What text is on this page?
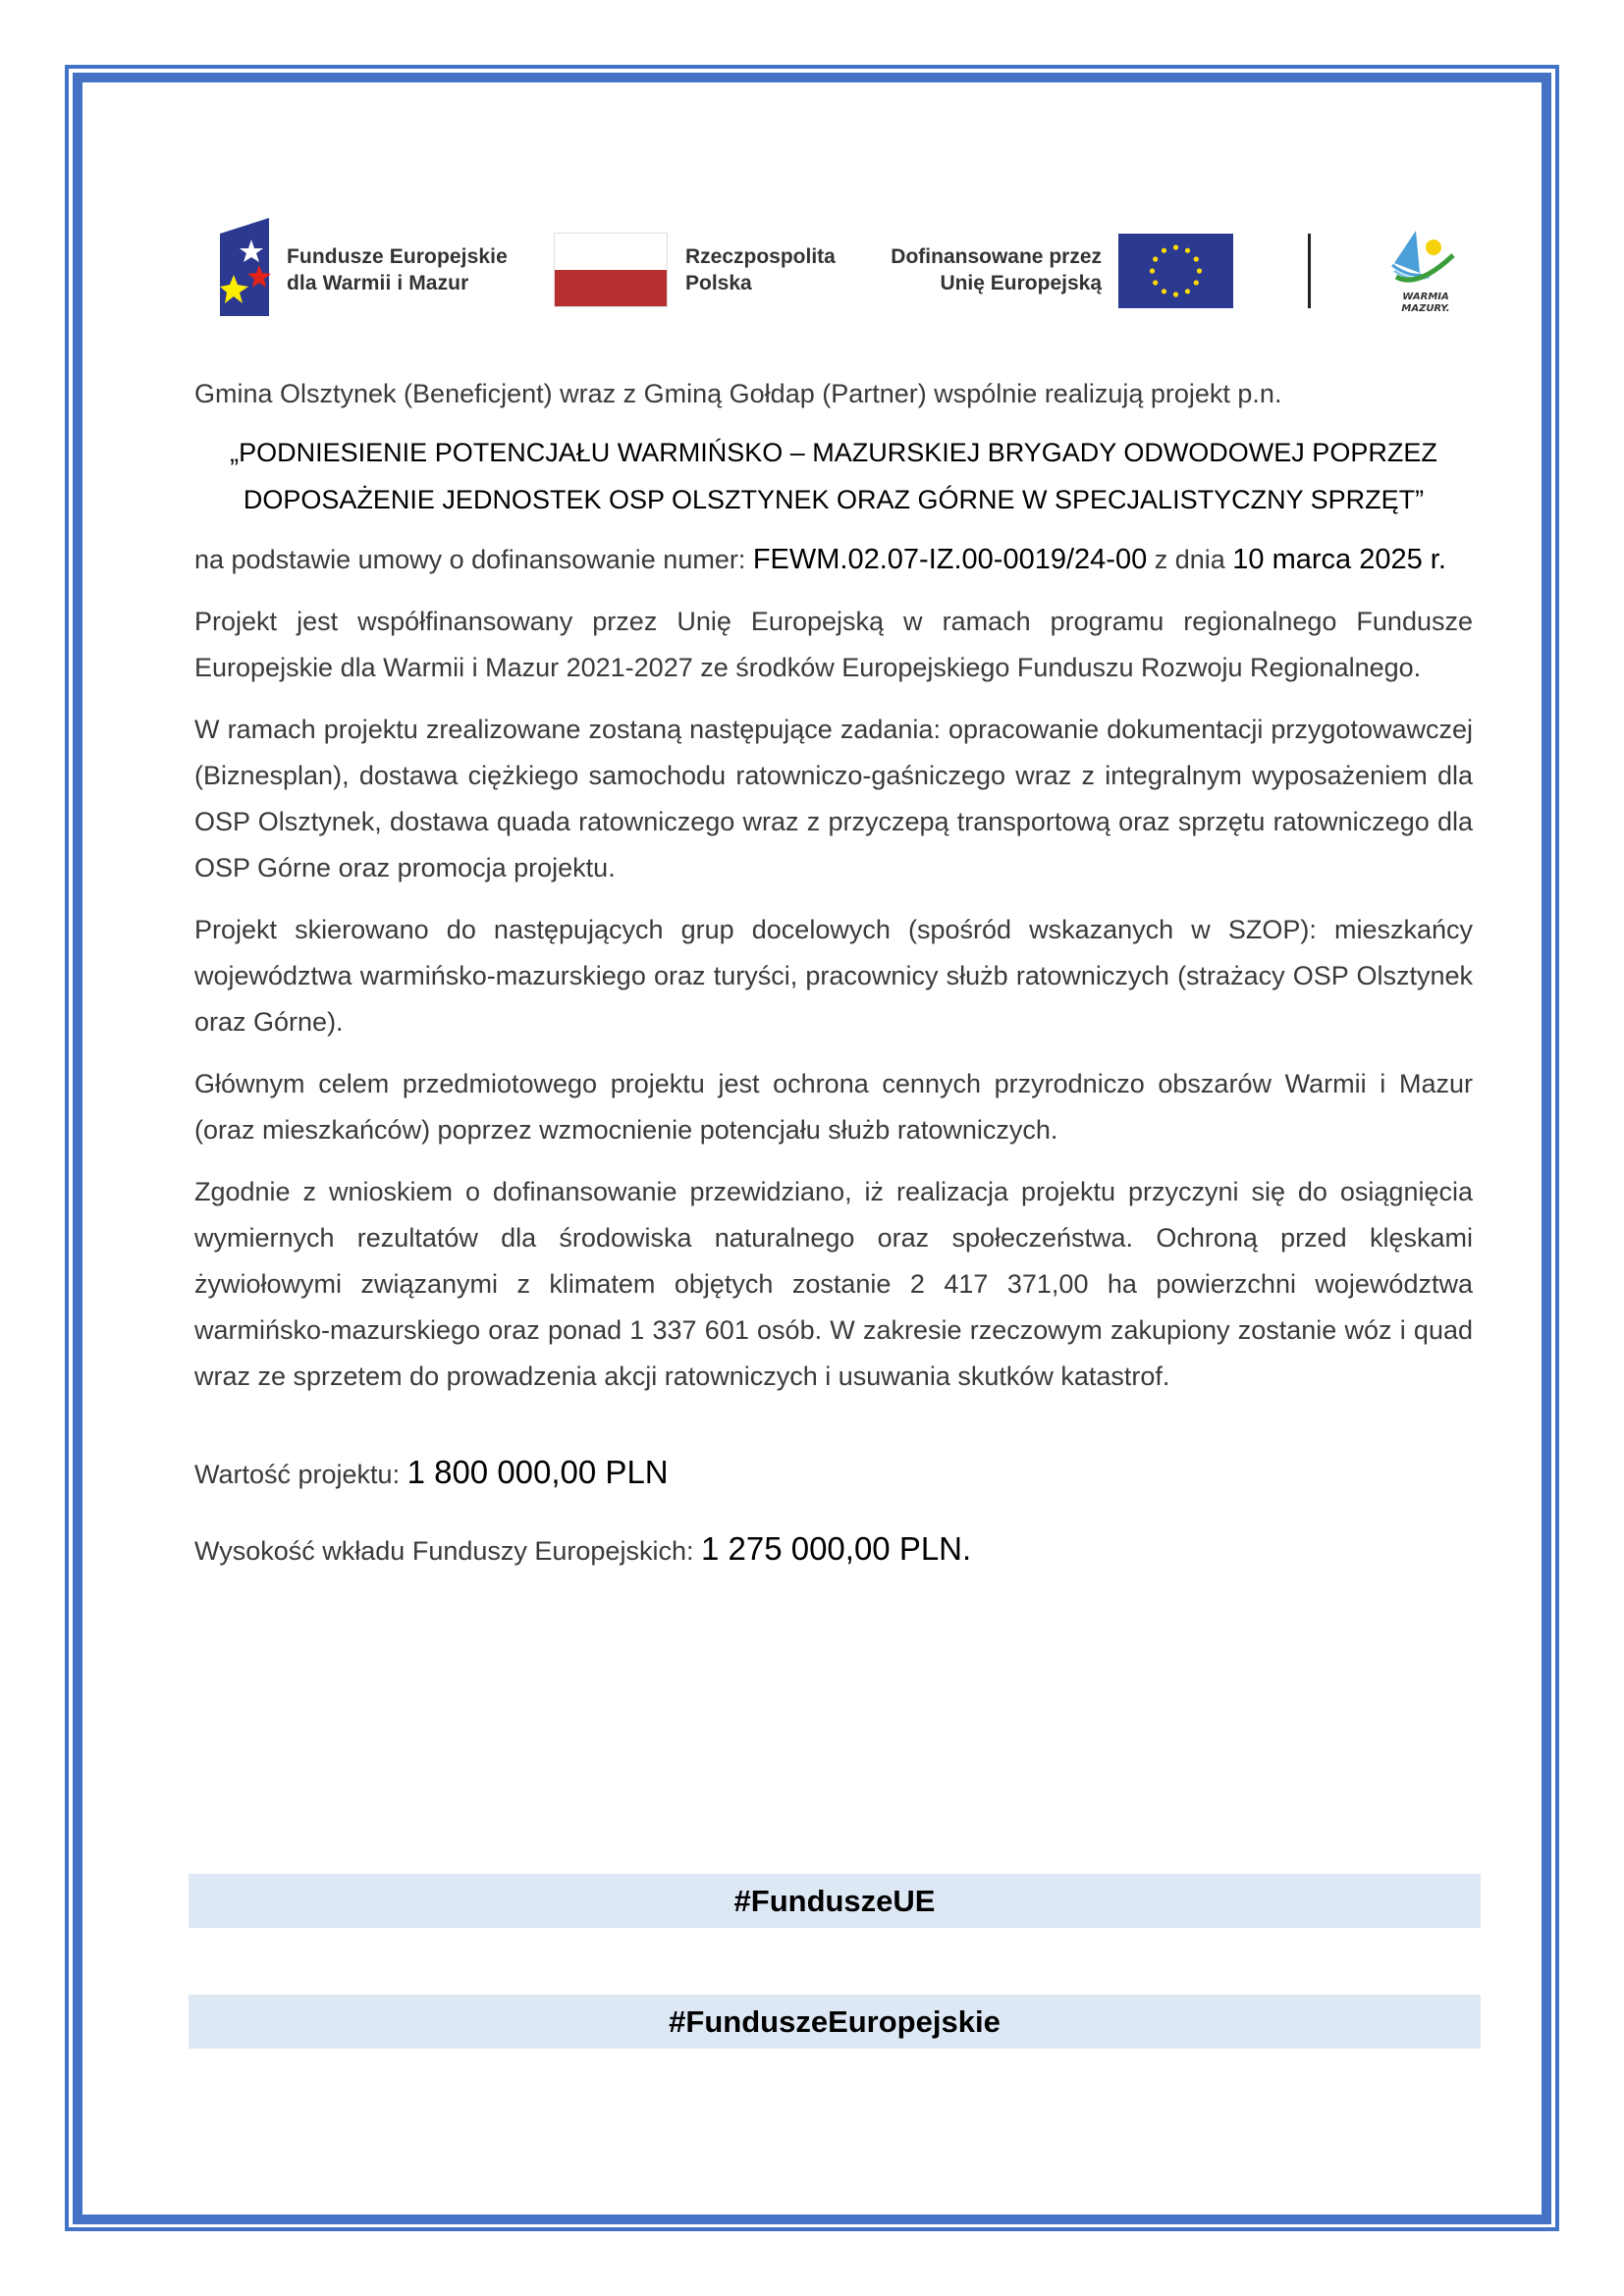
Fundusze Europejskie
dla Warmii i Mazur
Rzeczpospolita
Polska
Dofinansowane przez
Unię Europejską
WARMIA
MAZURY.

Gmina Olsztynek (Beneficjent) wraz z Gminą Gołdap (Partner) wspólnie realizują projekt p.n.

„PODNIESIENIE POTENCJAŁU WARMIŃSKO – MAZURSKIEJ BRYGADY ODWODOWEJ POPRZEZ
DOPOSAŻENIE JEDNOSTEK OSP OLSZTYNEK ORAZ GÓRNE W SPECJALISTYCZNY SPRZĘT”

na podstawie umowy o dofinansowanie numer: FEWM.02.07-IZ.00-0019/24-00 z dnia 10 marca 2025 r.

Projekt jest współfinansowany przez Unię Europejską w ramach programu regionalnego Fundusze Europejskie dla Warmii i Mazur 2021-2027 ze środków Europejskiego Funduszu Rozwoju Regionalnego.

W ramach projektu zrealizowane zostaną następujące zadania: opracowanie dokumentacji przygotowawczej (Biznesplan), dostawa ciężkiego samochodu ratowniczo-gaśniczego wraz z integralnym wyposażeniem dla OSP Olsztynek, dostawa quada ratowniczego wraz z przyczepą transportową oraz sprzętu ratowniczego dla OSP Górne oraz promocja projektu.

Projekt skierowano do następujących grup docelowych (spośród wskazanych w SZOP): mieszkańcy województwa warmińsko-mazurskiego oraz turyści, pracownicy służb ratowniczych (strażacy OSP Olsztynek oraz Górne).

Głównym celem przedmiotowego projektu jest ochrona cennych przyrodniczo obszarów Warmii i Mazur (oraz mieszkańców) poprzez wzmocnienie potencjału służb ratowniczych.

Zgodnie z wnioskiem o dofinansowanie przewidziano, iż realizacja projektu przyczyni się do osiągnięcia wymiernych rezultatów dla środowiska naturalnego oraz społeczeństwa. Ochroną przed klęskami żywiołowymi związanymi z klimatem objętych zostanie 2 417 371,00 ha powierzchni województwa warmińsko-mazurskiego oraz ponad 1 337 601 osób. W zakresie rzeczowym zakupiony zostanie wóz i quad wraz ze sprzetem do prowadzenia akcji ratowniczych i usuwania skutków katastrof.

Wartość projektu: 1 800 000,00 PLN

Wysokość wkładu Funduszy Europejskich: 1 275 000,00 PLN.

#FunduszeUE
#FunduszeEuropejskie
